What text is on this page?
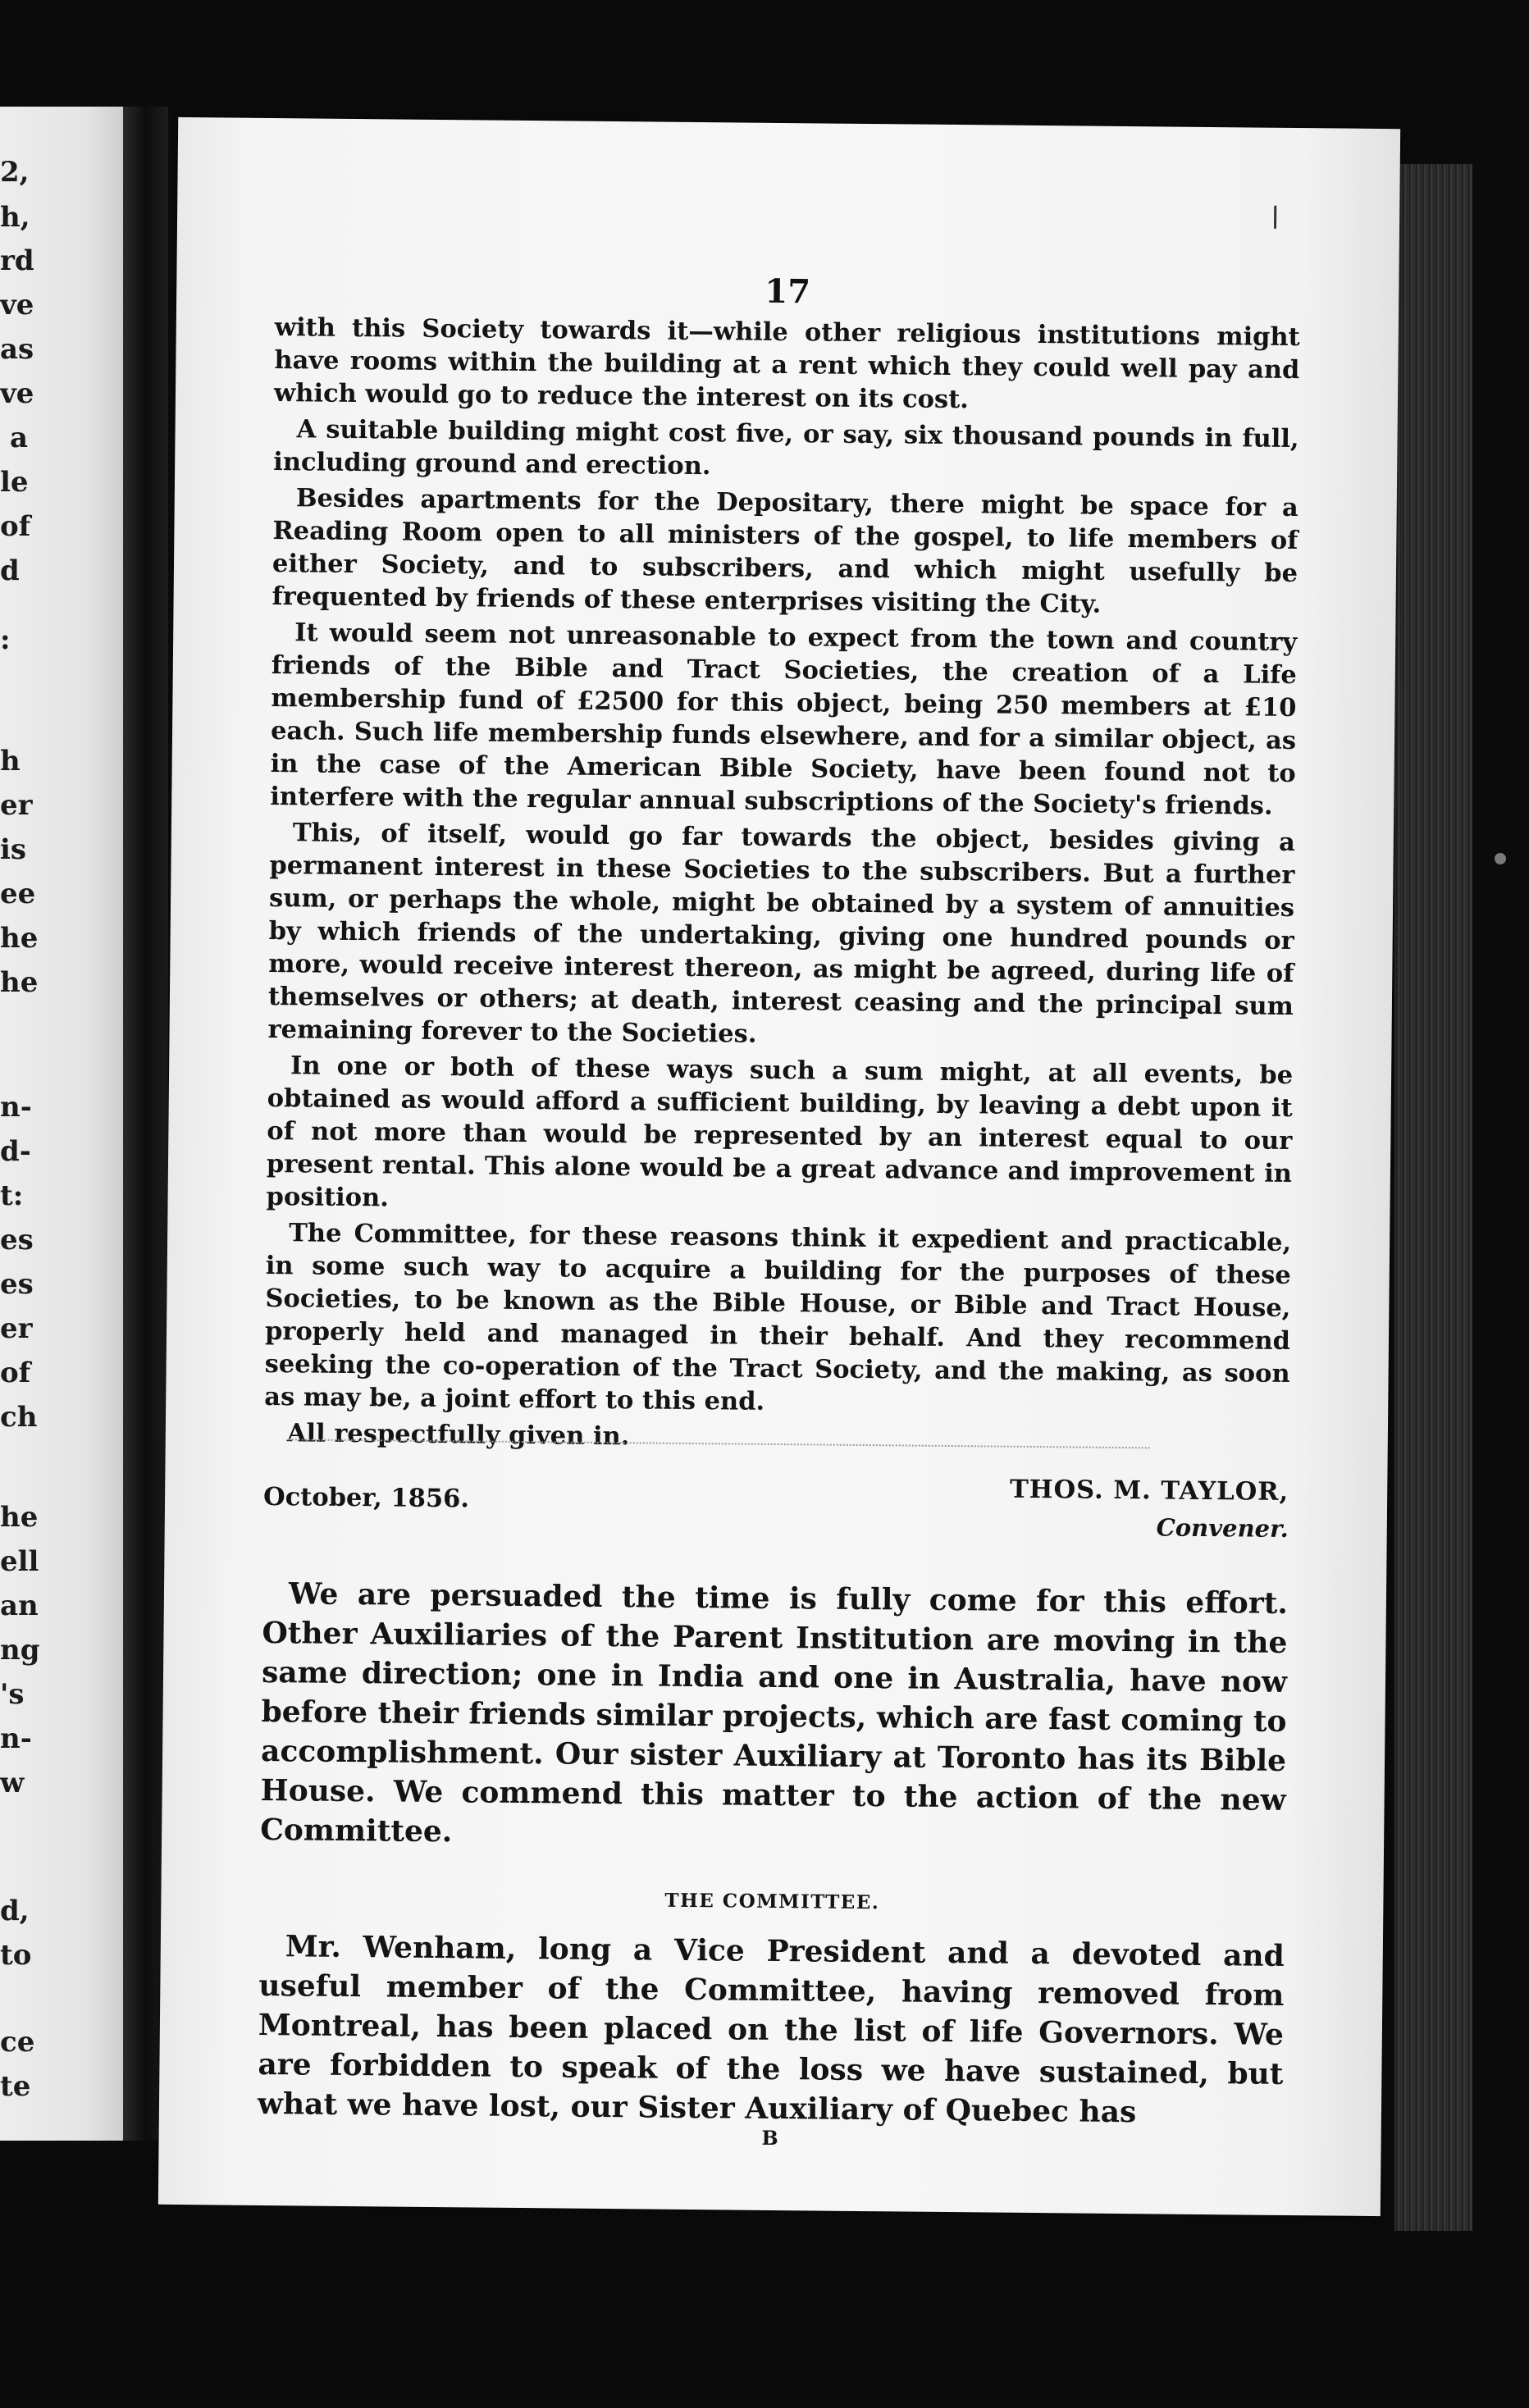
2,
h,
rd
ve
as
ve
a
le
of
d
:
h
er
is
ee
he
he
n-
d-
t:
es
es
er
of
ch
he
ell
an
ng
's
n-
w
d,
to
ce
te
17

with this Society towards it—while other religious institutions might have rooms within the building at a rent which they could well pay and which would go to reduce the interest on its cost.

A suitable building might cost five, or say, six thousand pounds in full, including ground and erection.

Besides apartments for the Depositary, there might be space for a Reading Room open to all ministers of the gospel, to life members of either Society, and to subscribers, and which might usefully be frequented by friends of these enterprises visiting the City.

It would seem not unreasonable to expect from the town and country friends of the Bible and Tract Societies, the creation of a Life membership fund of £2500 for this object, being 250 members at £10 each. Such life membership funds elsewhere, and for a similar object, as in the case of the American Bible Society, have been found not to interfere with the regular annual subscriptions of the Society's friends.

This, of itself, would go far towards the object, besides giving a permanent interest in these Societies to the subscribers. But a further sum, or perhaps the whole, might be obtained by a system of annuities by which friends of the undertaking, giving one hundred pounds or more, would receive interest thereon, as might be agreed, during life of themselves or others; at death, interest ceasing and the principal sum remaining forever to the Societies.

In one or both of these ways such a sum might, at all events, be obtained as would afford a sufficient building, by leaving a debt upon it of not more than would be represented by an interest equal to our present rental. This alone would be a great advance and improvement in position.

The Committee, for these reasons think it expedient and practicable, in some such way to acquire a building for the purposes of these Societies, to be known as the Bible House, or Bible and Tract House, properly held and managed in their behalf. And they recommend seeking the co-operation of the Tract Society, and the making, as soon as may be, a joint effort to this end.

All respectfully given in.

October, 1856.	THOS. M. TAYLOR,
Convener.

We are persuaded the time is fully come for this effort. Other Auxiliaries of the Parent Institution are moving in the same direction; one in India and one in Australia, have now before their friends similar projects, which are fast coming to accomplishment. Our sister Auxiliary at Toronto has its Bible House. We commend this matter to the action of the new Committee.

THE COMMITTEE.

Mr. Wenham, long a Vice President and a devoted and useful member of the Committee, having removed from Montreal, has been placed on the list of life Governors. We are forbidden to speak of the loss we have sustained, but what we have lost, our Sister Auxiliary of Quebec has

B
